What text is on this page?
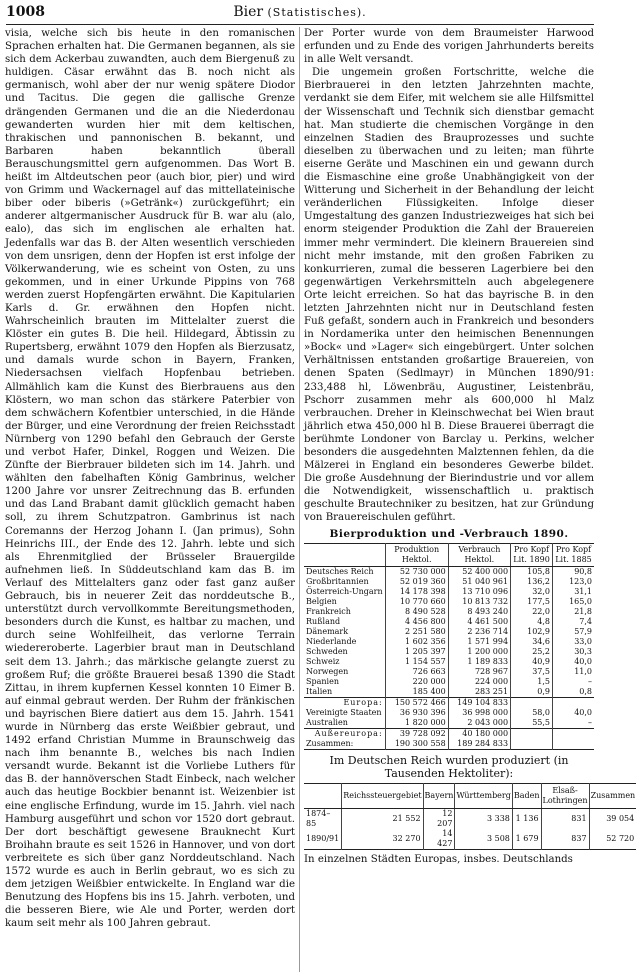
1008	Bier (Statistisches).

visia, welche sich bis heute in den romanischen Sprachen erhalten hat. Die Germanen begannen, als sie sich dem Ackerbau zuwandten, auch dem Biergenuß zu huldigen. Cäsar erwähnt das B. noch nicht als germanisch, wohl aber der nur wenig spätere Diodor und Tacitus. Die gegen die gallische Grenze drängenden Germanen und die an die Niederdonau gewanderten wurden hier mit dem keltischen, thrakischen und pannonischen B. bekannt, und Barbaren haben bekanntlich überall Berauschungsmittel gern aufgenommen. Das Wort B. heißt im Altdeutschen peor (auch bior, pier) und wird von Grimm und Wackernagel auf das mittellateinische biber oder biberis (»Getränk«) zurückgeführt; ein anderer altgermanischer Ausdruck für B. war alu (alo, ealo), das sich im englischen ale erhalten hat. Jedenfalls war das B. der Alten wesentlich verschieden von dem unsrigen, denn der Hopfen ist erst infolge der Völkerwanderung, wie es scheint von Osten, zu uns gekommen, und in einer Urkunde Pippins von 768 werden zuerst Hopfengärten erwähnt. Die Kapitularien Karls d. Gr. erwähnen den Hopfen nicht. Wahrscheinlich brauten im Mittelalter zuerst die Klöster ein gutes B. Die heil. Hildegard, Äbtissin zu Rupertsberg, erwähnt 1079 den Hopfen als Bierzusatz, und damals wurde schon in Bayern, Franken, Niedersachsen vielfach Hopfenbau betrieben. Allmählich kam die Kunst des Bierbrauens aus den Klöstern, wo man schon das stärkere Paterbier von dem schwächern Kofentbier unterschied, in die Hände der Bürger, und eine Verordnung der freien Reichsstadt Nürnberg von 1290 befahl den Gebrauch der Gerste und verbot Hafer, Dinkel, Roggen und Weizen. Die Zünfte der Bierbrauer bildeten sich im 14. Jahrh. und wählten den fabelhaften König Gambrinus, welcher 1200 Jahre vor unsrer Zeitrechnung das B. erfunden und das Land Brabant damit glücklich gemacht haben soll, zu ihrem Schutzpatron. Gambrinus ist nach Coremanns der Herzog Johann I. (Jan primus), Sohn Heinrichs III., der Ende des 12. Jahrh. lebte und sich als Ehrenmitglied der Brüsseler Brauergilde aufnehmen ließ. In Süddeutschland kam das B. im Verlauf des Mittelalters ganz oder fast ganz außer Gebrauch, bis in neuerer Zeit das norddeutsche B., unterstützt durch vervollkommte Bereitungsmethoden, besonders durch die Kunst, es haltbar zu machen, und durch seine Wohlfeilheit, das verlorne Terrain wiedereroberte. Lagerbier braut man in Deutschland seit dem 13. Jahrh.; das märkische gelangte zuerst zu großem Ruf; die größte Brauerei besaß 1390 die Stadt Zittau, in ihrem kupfernen Kessel konnten 10 Eimer B. auf einmal gebraut werden. Der Ruhm der fränkischen und bayrischen Biere datiert aus dem 15. Jahrh. 1541 wurde in Nürnberg das erste Weißbier gebraut, und 1492 erfand Christian Mumme in Braunschweig das nach ihm benannte B., welches bis nach Indien versandt wurde. Bekannt ist die Vorliebe Luthers für das B. der hannöverschen Stadt Einbeck, nach welcher auch das heutige Bockbier benannt ist. Weizenbier ist eine englische Erfindung, wurde im 15. Jahrh. viel nach Hamburg ausgeführt und schon vor 1520 dort gebraut. Der dort beschäftigt gewesene Brauknecht Kurt Broihahn braute es seit 1526 in Hannover, und von dort verbreitete es sich über ganz Norddeutschland. Nach 1572 wurde es auch in Berlin gebraut, wo es sich zu dem jetzigen Weißbier entwickelte. In England war die Benutzung des Hopfens bis ins 15. Jahrh. verboten, und die besseren Biere, wie Ale und Porter, werden dort kaum seit mehr als 100 Jahren gebraut.

Der Porter wurde von dem Braumeister Harwood erfunden und zu Ende des vorigen Jahrhunderts bereits in alle Welt versandt.

Die ungemein großen Fortschritte, welche die Bierbrauerei in den letzten Jahrzehnten machte, verdankt sie dem Eifer, mit welchem sie alle Hilfsmittel der Wissenschaft und Technik sich dienstbar gemacht hat. Man studierte die chemischen Vorgänge in den einzelnen Stadien des Brauprozesses und suchte dieselben zu überwachen und zu leiten; man führte eiserne Geräte und Maschinen ein und gewann durch die Eismaschine eine große Unabhängigkeit von der Witterung und Sicherheit in der Behandlung der leicht veränderlichen Flüssigkeiten. Infolge dieser Umgestaltung des ganzen Industriezweiges hat sich bei enorm steigender Produktion die Zahl der Brauereien immer mehr vermindert. Die kleinern Brauereien sind nicht mehr imstande, mit den großen Fabriken zu konkurrieren, zumal die besseren Lagerbiere bei den gegenwärtigen Verkehrsmitteln auch abgelegenere Orte leicht erreichen. So hat das bayrische B. in den letzten Jahrzehnten nicht nur in Deutschland festen Fuß gefaßt, sondern auch in Frankreich und besonders in Nordamerika unter den heimischen Benennungen »Bock« und »Lager« sich eingebürgert. Unter solchen Verhältnissen entstanden großartige Brauereien, von denen Spaten (Sedlmayr) in München 1890/91: 233,488 hl, Löwenbräu, Augustiner, Leistenbräu, Pschorr zusammen mehr als 600,000 hl Malz verbrauchen. Dreher in Kleinschwechat bei Wien braut jährlich etwa 450,000 hl B. Diese Brauerei überragt die berühmte Londoner von Barclay u. Perkins, welcher besonders die ausgedehnten Malztennen fehlen, da die Mälzerei in England ein besonderes Gewerbe bildet. Die große Ausdehnung der Bierindustrie und vor allem die Notwendigkeit, wissenschaftlich u. praktisch geschulte Brautechniker zu besitzen, hat zur Gründung von Brauereischulen geführt.

Bierproduktion und -Verbrauch 1890.
	Produktion Hektol.	Verbrauch Hektol.	Pro Kopf Lit. 1890	Pro Kopf Lit. 1885
Deutsches Reich	52 730 000	52 400 000	105,8	90,8
Großbritannien	52 019 360	51 040 961	136,2	123,0
Österreich-Ungarn	14 178 398	13 710 096	32,0	31,1
Belgien	10 770 660	10 813 732	177,5	165,0
Frankreich	8 490 528	8 493 240	22,0	21,8
Rußland	4 456 800	4 461 500	4,8	7,4
Dänemark	2 251 580	2 236 714	102,9	57,9
Niederlande	1 602 356	1 571 994	34,6	33,0
Schweden	1 205 397	1 200 000	25,2	30,3
Schweiz	1 154 557	1 189 833	40,9	40,0
Norwegen	726 663	728 967	37,5	11,0
Spanien	220 000	224 000	1,5	–
Italien	185 400	283 251	0,9	0,8
Europa:	150 572 466	149 104 833		
Vereinigte Staaten	36 930 396	36 998 000	58,0	40,0
Australien	1 820 000	2 043 000	55,5	–
Außereuropa:	39 728 092	40 180 000		
Zusammen:	190 300 558	189 284 833		
Im Deutschen Reich wurden produziert (in Tausenden Hektoliter):
	Reichssteuergebiet	Bayern	Württemberg	Baden	Elsaß-Lothringen	Zusammen
1874–85	21 552	12 207	3 338	1 136	831	39 054
1890/91	32 270	14 427	3 508	1 679	837	52 720
In einzelnen Städten Europas, insbes. Deutschlands
